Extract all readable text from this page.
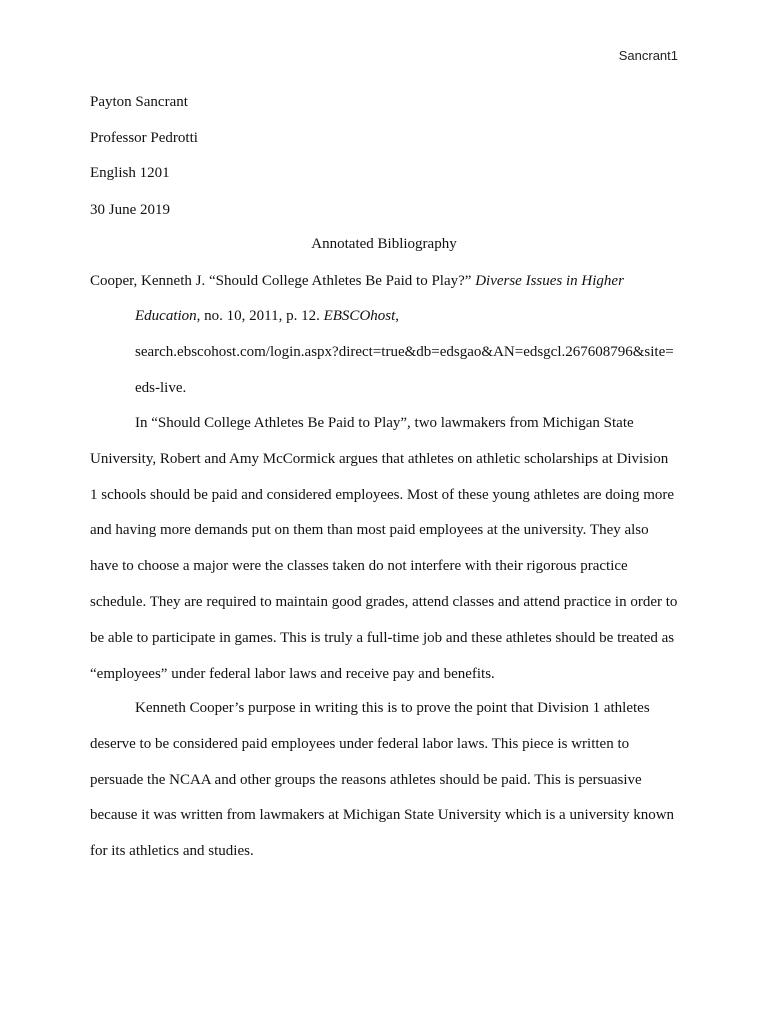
Sancrant1
Payton Sancrant
Professor Pedrotti
English 1201
30 June 2019
Annotated Bibliography
Cooper, Kenneth J. “Should College Athletes Be Paid to Play?” Diverse Issues in Higher
Education, no. 10, 2011, p. 12. EBSCOhost,
search.ebscohost.com/login.aspx?direct=true&db=edsgao&AN=edsgcl.267608796&site=
eds-live.
In “Should College Athletes Be Paid to Play”, two lawmakers from Michigan State University, Robert and Amy McCormick argues that athletes on athletic scholarships at Division 1 schools should be paid and considered employees. Most of these young athletes are doing more and having more demands put on them than most paid employees at the university. They also have to choose a major were the classes taken do not interfere with their rigorous practice schedule. They are required to maintain good grades, attend classes and attend practice in order to be able to participate in games. This is truly a full-time job and these athletes should be treated as “employees” under federal labor laws and receive pay and benefits.
Kenneth Cooper’s purpose in writing this is to prove the point that Division 1 athletes deserve to be considered paid employees under federal labor laws. This piece is written to persuade the NCAA and other groups the reasons athletes should be paid. This is persuasive because it was written from lawmakers at Michigan State University which is a university known for its athletics and studies.
